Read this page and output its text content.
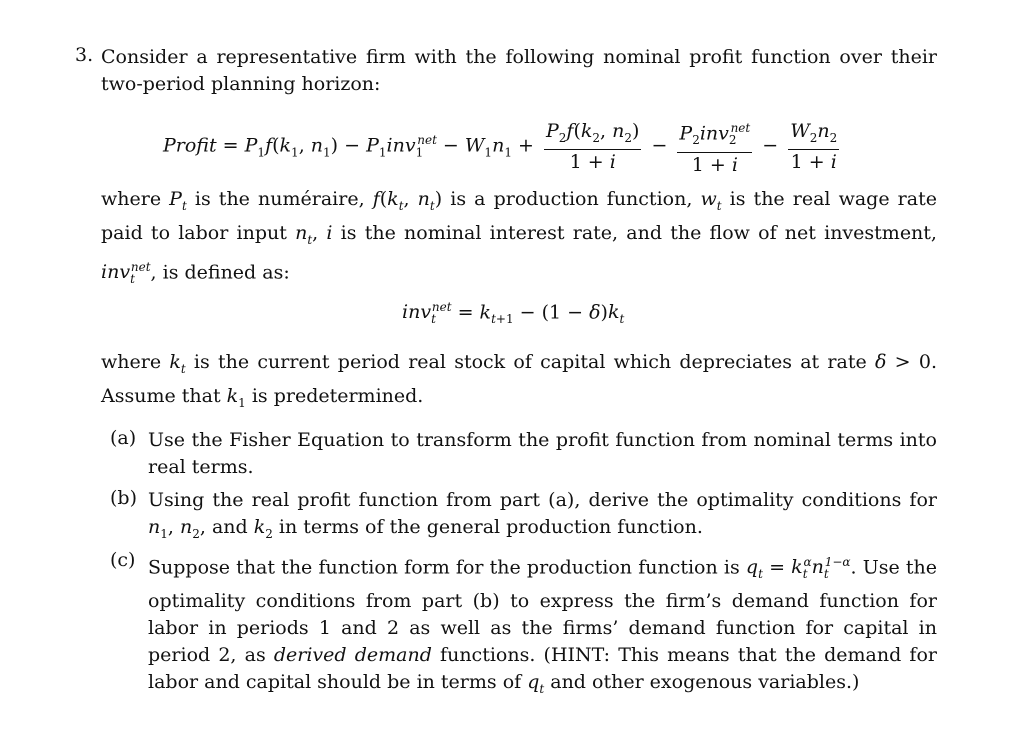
3. Consider a representative firm with the following nominal profit function over their two-period planning horizon:
Profit = $P_1f(k_1$, $n_1) - P_1inv_1^{net} - W_1n_1 + \frac{P_2f(k_2, n_2)}{1 + i} - \frac{P_2inv_2^{net}}{1 + i} - \frac{W_2n_2}{1 + i}$
where $P_t$ is the numéraire, $f(k_t$, $n_t$) is a production function, $w_t$ is the real wage rate paid to labor input $n_t$, i is the nominal interest rate, and the flow of net investment, inv$_t^{net}$, is defined as:
$inv_t^{net} = k_{t+1} - (1 - \delta)k_t$
where $k_t$ is the current period real stock of capital which depreciates at rate δ > 0. Assume that $k_1$ is predetermined.
(a) Use the Fisher Equation to transform the profit function from nominal terms into real terms.
(b) Using the real profit function from part (a), derive the optimality conditions for $n_1$, $n_2$, and $k_2$ in terms of the general production function.
(c) Suppose that the function form for the production function is $q_t = k_t^\alpha n_t^{1-\alpha}$. Use the optimality conditions from part (b) to express the firm’s demand function for labor in periods 1 and 2 as well as the firms’ demand function for capital in period 2, as derived demand functions. (HINT: This means that the demand for labor and capital should be in terms of $q_t$ and other exogenous variables.)
